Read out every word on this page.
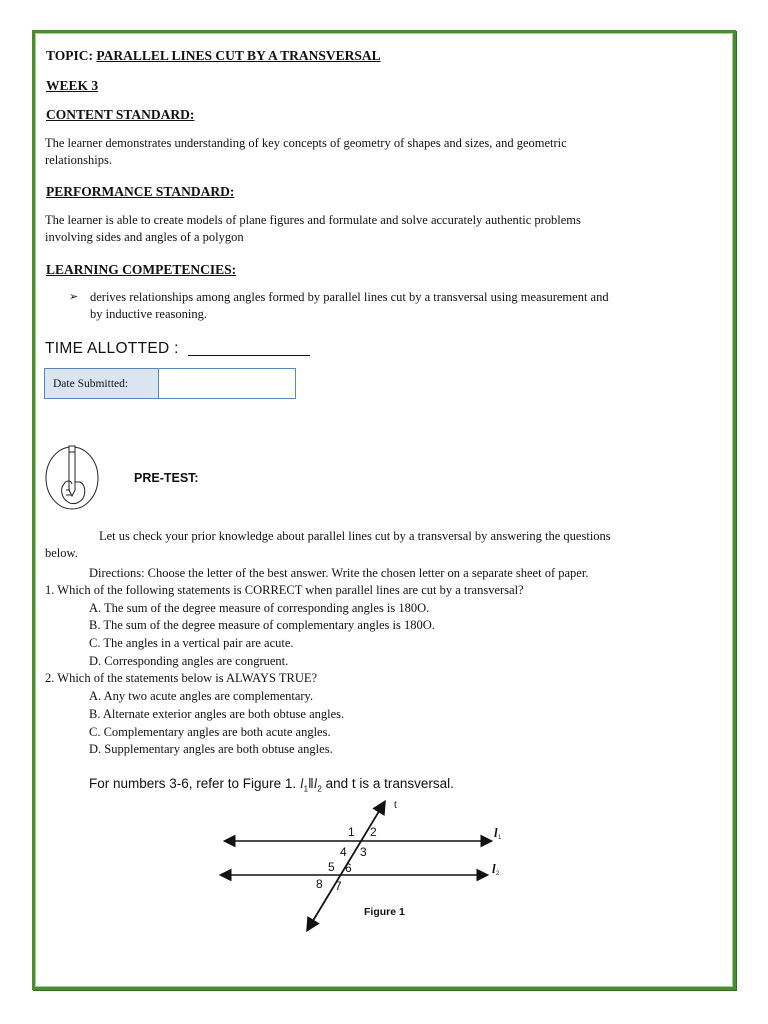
TOPIC: PARALLEL LINES CUT BY A TRANSVERSAL
WEEK 3
CONTENT STANDARD:
The learner demonstrates understanding of key concepts of geometry of shapes and sizes, and geometric
relationships.
PERFORMANCE STANDARD:
The learner is able to create models of plane figures and formulate and solve accurately authentic problems
involving sides and angles of a polygon
LEARNING COMPETENCIES:
➢ derives relationships among angles formed by parallel lines cut by a transversal using measurement and
by inductive reasoning.
TIME ALLOTTED :
Date Submitted:
PRE-TEST:
Let us check your prior knowledge about parallel lines cut by a transversal by answering the questions
below.
Directions: Choose the letter of the best answer. Write the chosen letter on a separate sheet of paper.
1. Which of the following statements is CORRECT when parallel lines are cut by a transversal?
A. The sum of the degree measure of corresponding angles is 180O.
B. The sum of the degree measure of complementary angles is 180O.
C. The angles in a vertical pair are acute.
D. Corresponding angles are congruent.
2. Which of the statements below is ALWAYS TRUE?
A. Any two acute angles are complementary.
B. Alternate exterior angles are both obtuse angles.
C. Complementary angles are both acute angles.
D. Supplementary angles are both obtuse angles.
For numbers 3-6, refer to Figure 1. $l_1‖l_2$ and t is a transversal.
t
l 1
l 2
1 2
3
4
5 6
7
8
Figure 1
